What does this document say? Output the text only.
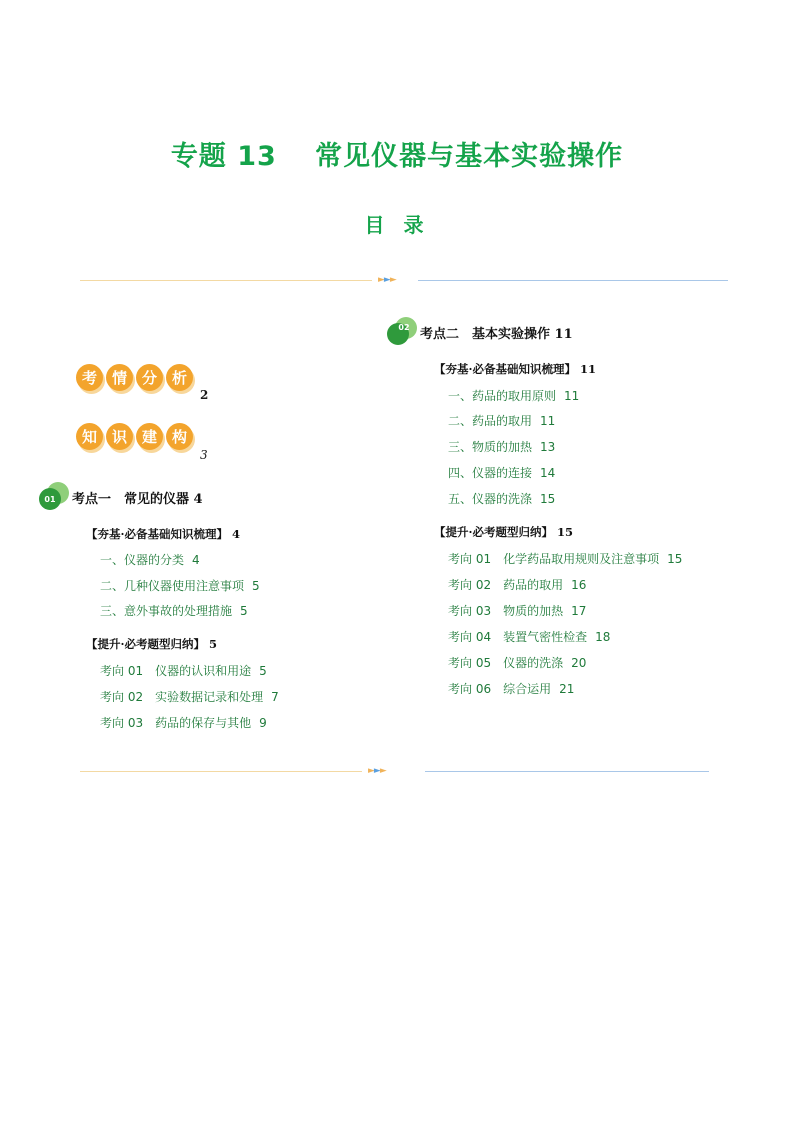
专题 13　 常见仪器与基本实验操作
目 录
►►►
考 情 分 析
2
知 识 建 构
3
01 考点一　常见的仪器 4
【夯基·必备基础知识梳理】 4
一、仪器的分类 4
二、几种仪器使用注意事项 5
三、意外事故的处理措施 5
【提升·必考题型归纳】 5
考向 01　仪器的认识和用途 5
考向 02　实验数据记录和处理 7
考向 03　药品的保存与其他 9
02 考点二　基本实验操作 11
【夯基·必备基础知识梳理】 11
一、药品的取用原则 11
二、药品的取用 11
三、物质的加热 13
四、仪器的连接 14
五、仪器的洗涤 15
【提升·必考题型归纳】 15
考向 01　化学药品取用规则及注意事项 15
考向 02　药品的取用 16
考向 03　物质的加热 17
考向 04　装置气密性检查 18
考向 05　仪器的洗涤 20
考向 06　综合运用 21
►►►
